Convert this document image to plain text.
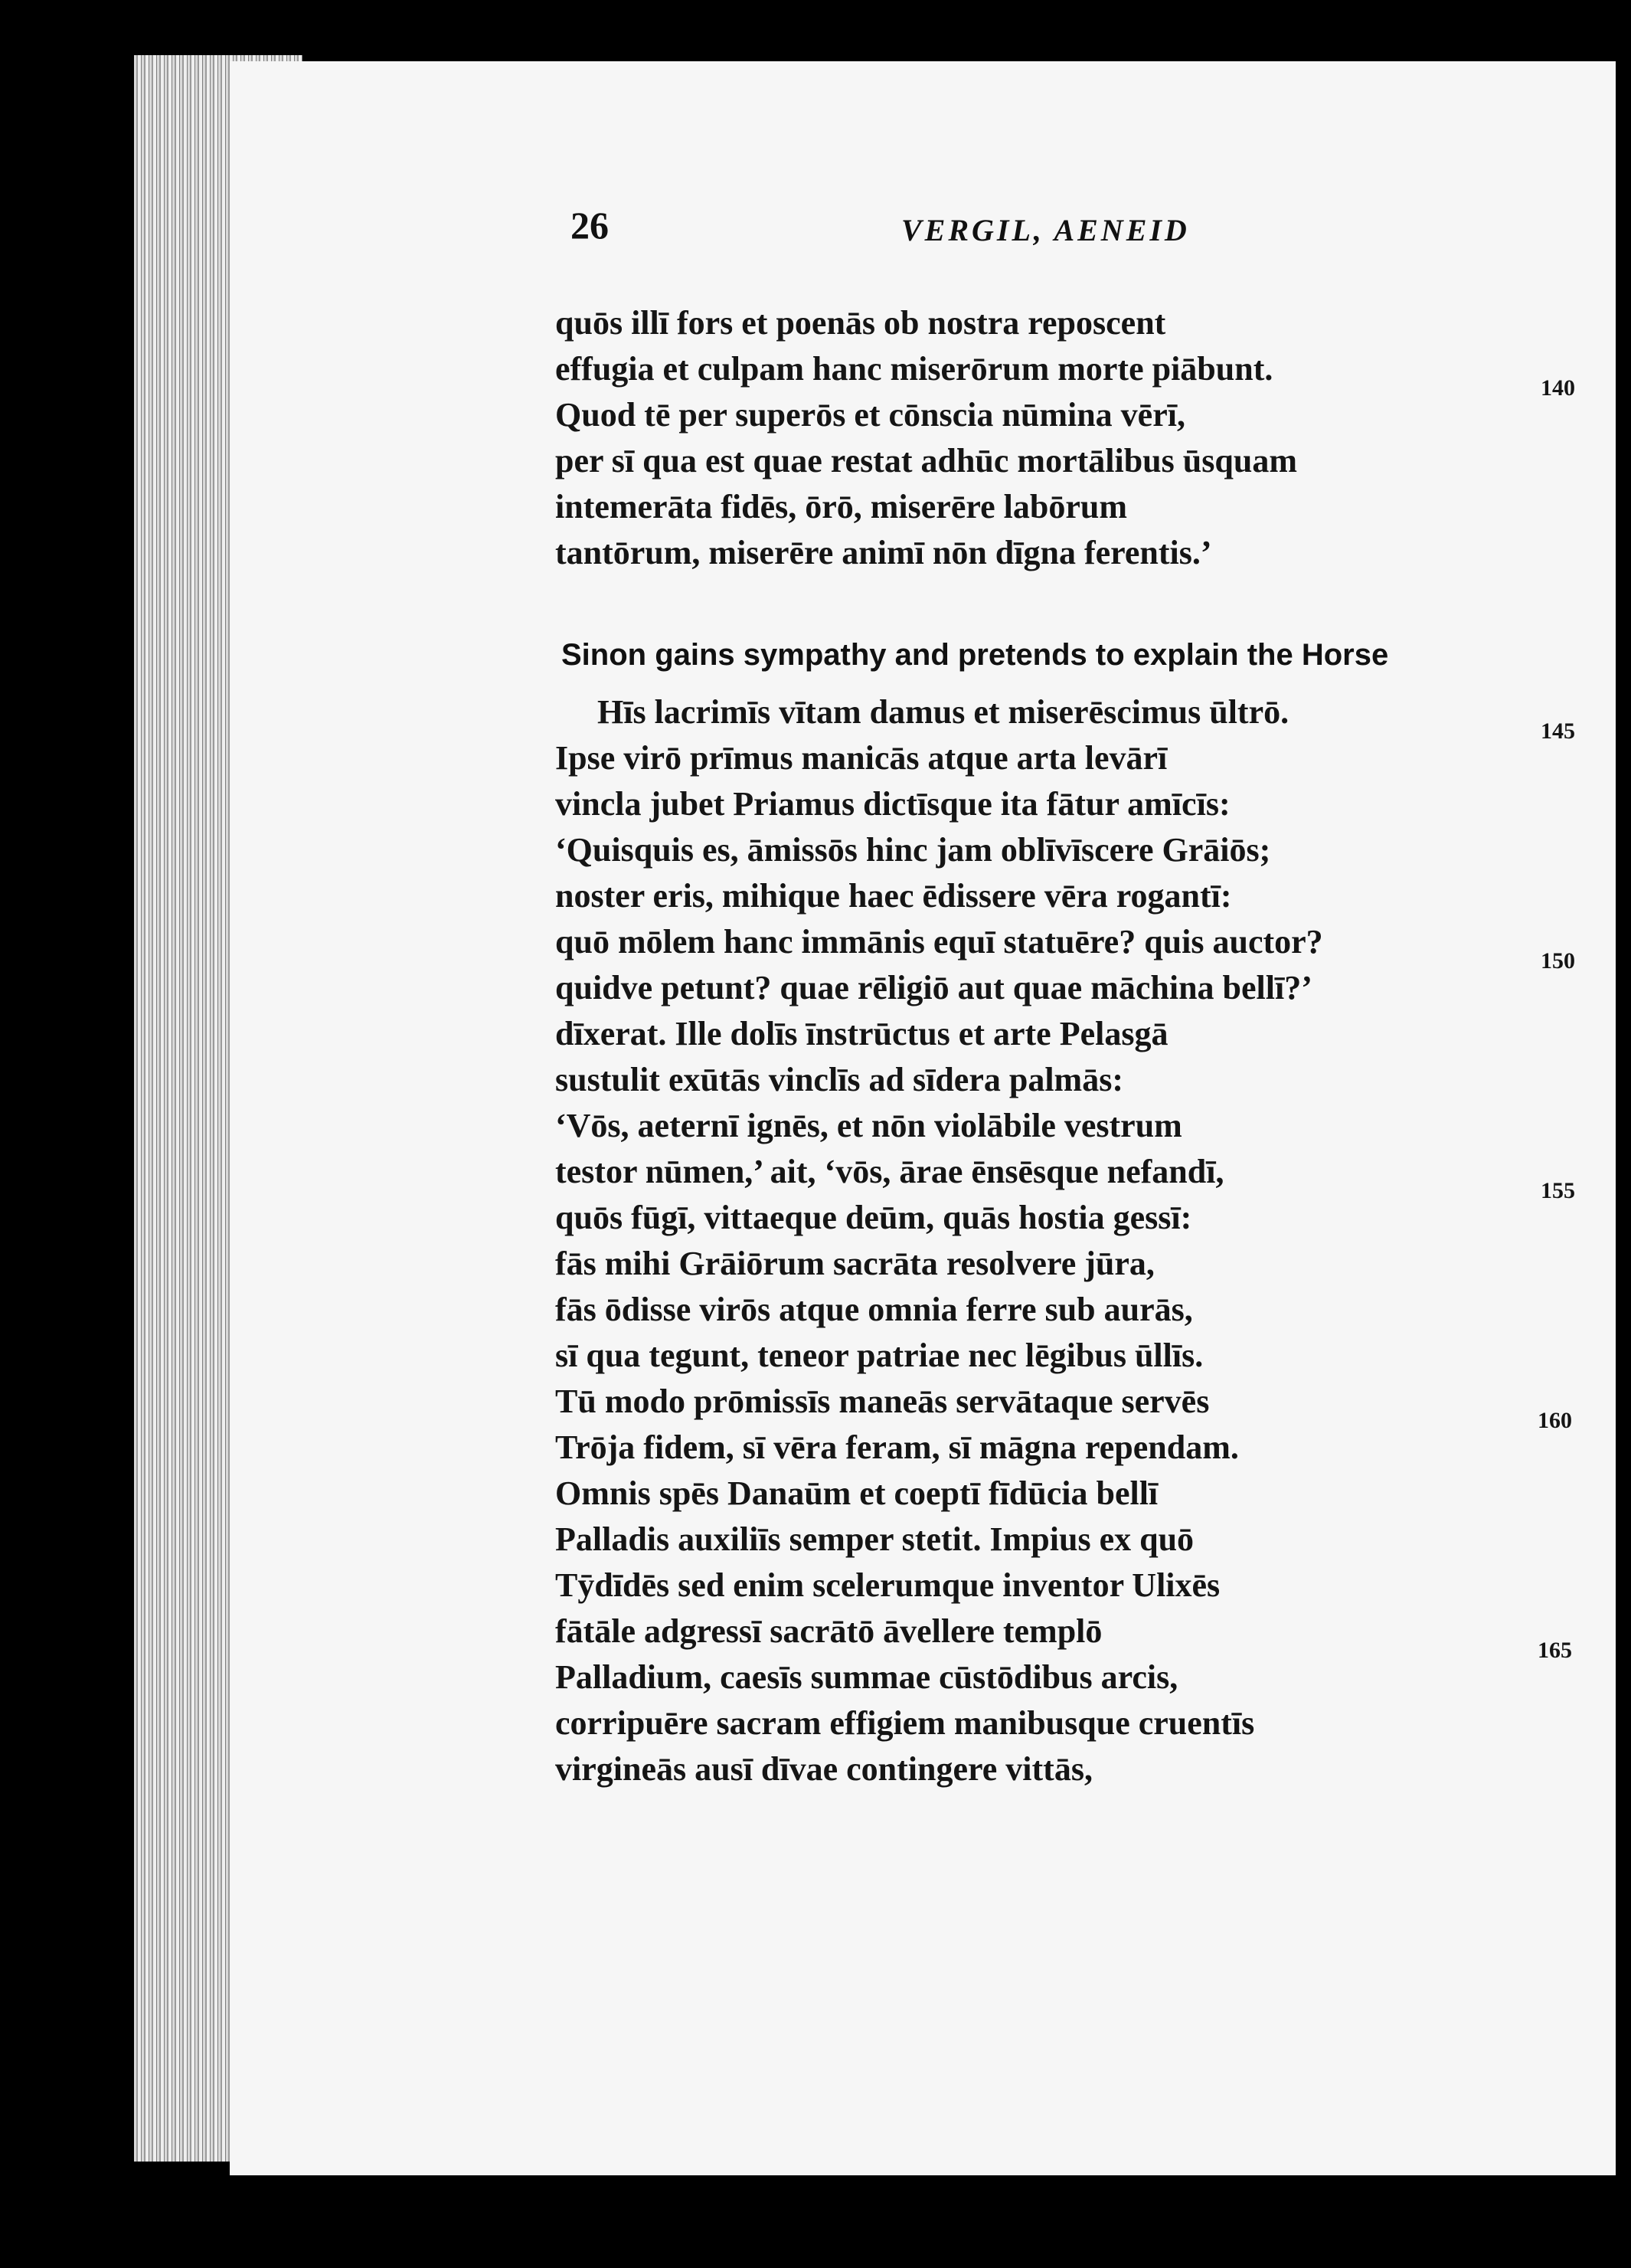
26	VERGIL, AENEID
quōs illī fors et poenās ob nostra reposcent
effugia et culpam hanc miserōrum morte piābunt.
Quod tē per superōs et cōnscia nūmina vērī,
per sī qua est quae restat adhūc mortālibus ūsquam
intemerāta fidēs, ōrō, miserēre labōrum
tantōrum, miserēre animī nōn dīgna ferentis.’
Hīs lacrimīs vītam damus et miserēscimus ūltrō.
Ipse virō prīmus manicās atque arta levārī
vincla jubet Priamus dictīsque ita fātur amīcīs:
‘Quisquis es, āmissōs hinc jam oblīvīscere Grāiōs;
noster eris, mihique haec ēdissere vēra rogantī:
quō mōlem hanc immānis equī statuēre? quis auctor?
quidve petunt? quae rēligiō aut quae māchina bellī?’
dīxerat. Ille dolīs īnstrūctus et arte Pelasgā
sustulit exūtās vinclīs ad sīdera palmās:
‘Vōs, aeternī ignēs, et nōn violābile vestrum
testor nūmen,’ ait, ‘vōs, ārae ēnsēsque nefandī,
quōs fūgī, vittaeque deūm, quās hostia gessī:
fās mihi Grāiōrum sacrāta resolvere jūra,
fās ōdisse virōs atque omnia ferre sub aurās,
sī qua tegunt, teneor patriae nec lēgibus ūllīs.
Tū modo prōmissīs maneās servātaque servēs
Trōja fidem, sī vēra feram, sī māgna rependam.
Omnis spēs Danaūm et coeptī fīdūcia bellī
Palladis auxiliīs semper stetit. Impius ex quō
Tȳdīdēs sed enim scelerumque inventor Ulixēs
fātāle adgressī sacrātō āvellere templō
Palladium, caesīs summae cūstōdibus arcis,
corripuēre sacram effigiem manibusque cruentīs
virgineās ausī dīvae contingere vittās,
Sinon gains sympathy and pretends to explain the Horse
140
145
150
155
160
165
